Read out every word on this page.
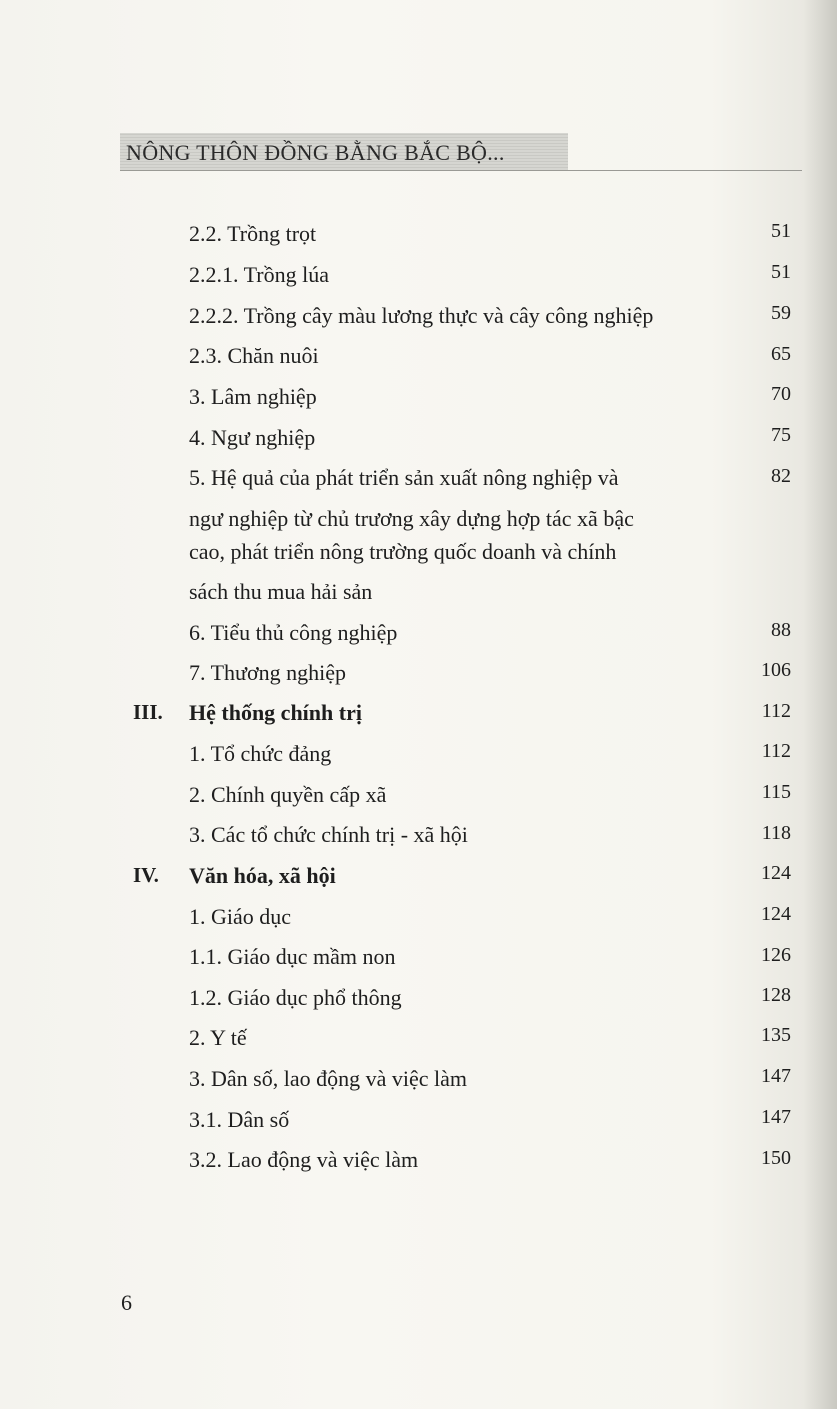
NÔNG THÔN ĐỒNG BẰNG BẮC BỘ...
2.2. Trồng trọt	51
2.2.1. Trồng lúa	51
2.2.2. Trồng cây màu lương thực và cây công nghiệp	59
2.3. Chăn nuôi	65
3. Lâm nghiệp	70
4. Ngư nghiệp	75
5. Hệ quả của phát triển sản xuất nông nghiệp và
ngư nghiệp từ chủ trương xây dựng hợp tác xã bậc
cao, phát triển nông trường quốc doanh và chính
sách thu mua hải sản
82
6. Tiểu thủ công nghiệp	88
7. Thương nghiệp	106
III. Hệ thống chính trị	112
1. Tổ chức đảng	112
2. Chính quyền cấp xã	115
3. Các tổ chức chính trị - xã hội	118
IV. Văn hóa, xã hội	124
1. Giáo dục	124
1.1. Giáo dục mầm non	126
1.2. Giáo dục phổ thông	128
2. Y tế	135
3. Dân số, lao động và việc làm	147
3.1. Dân số	147
3.2. Lao động và việc làm	150
6
